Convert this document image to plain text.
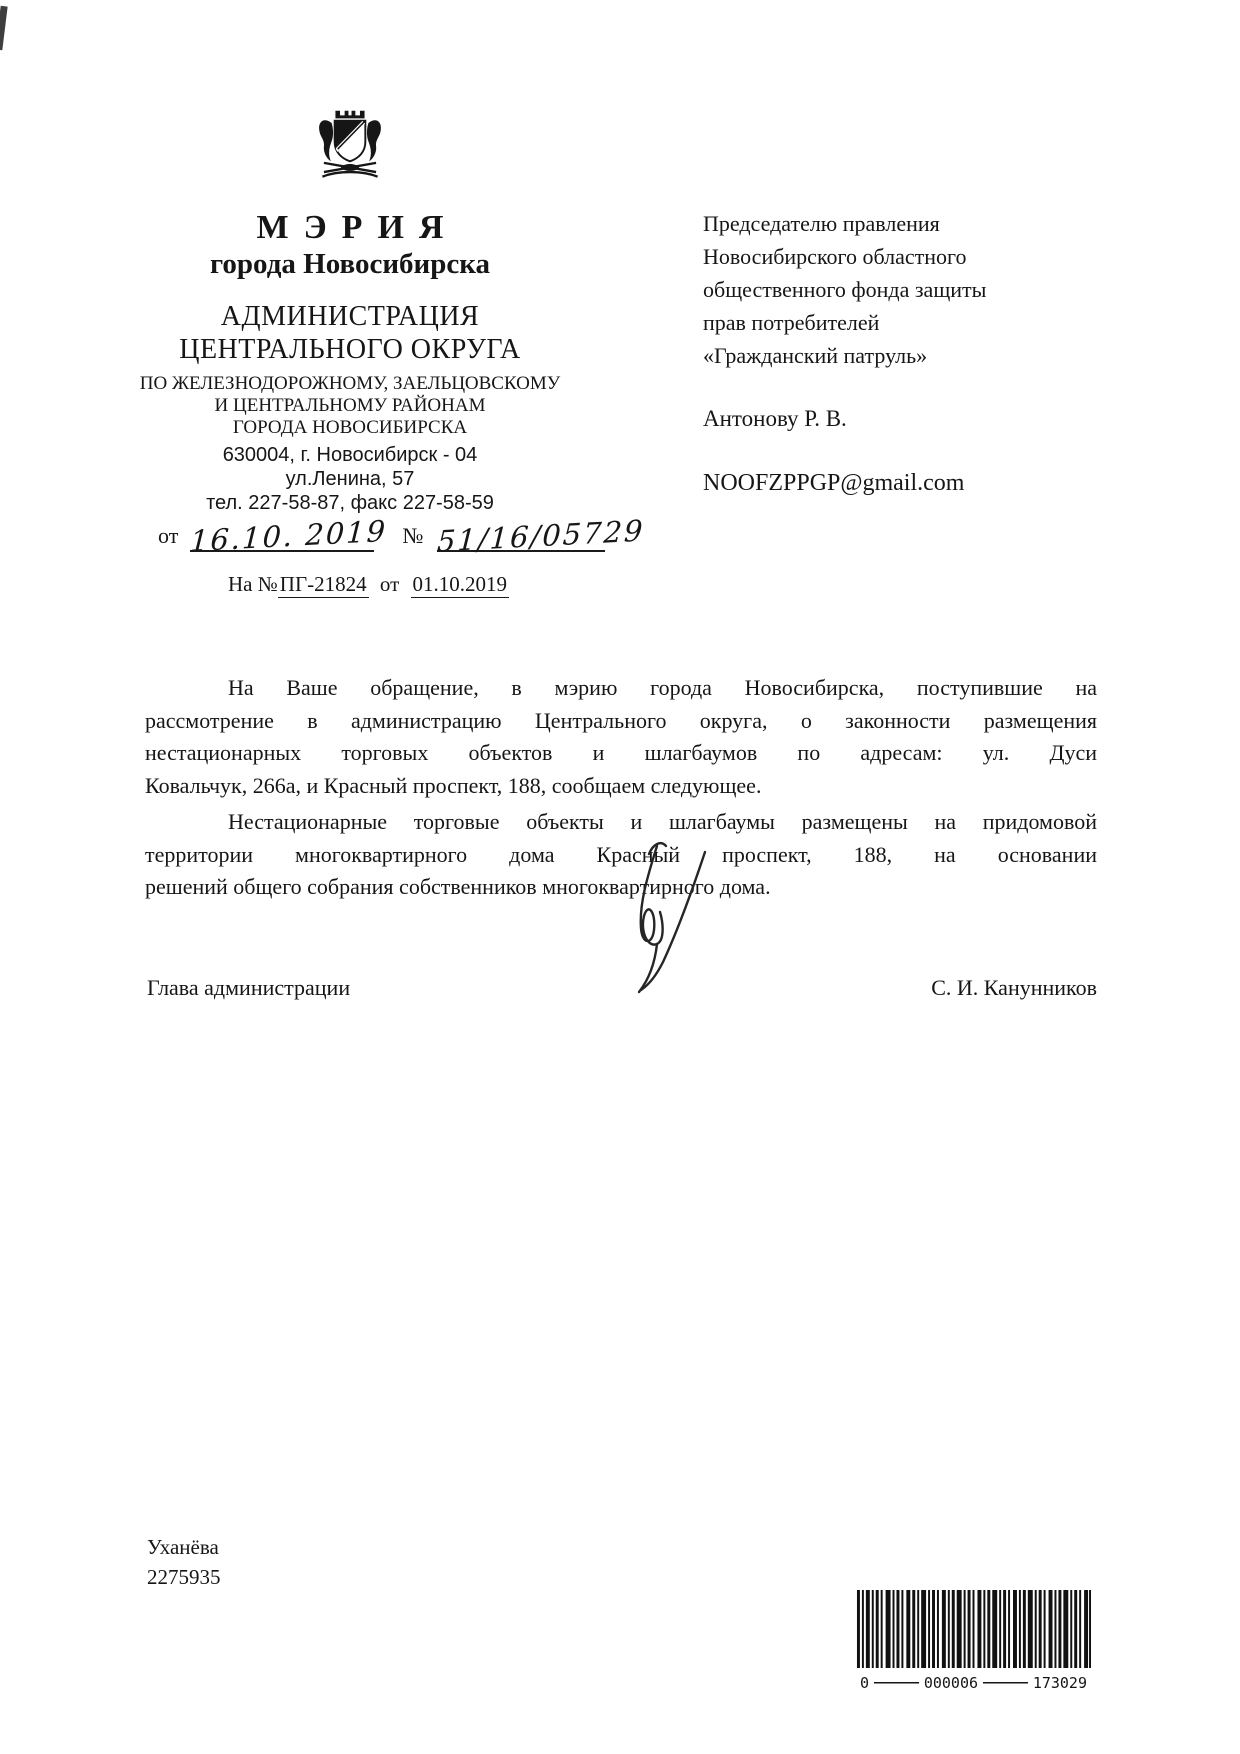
МЭРИЯ
города Новосибирска
АДМИНИСТРАЦИЯ
ЦЕНТРАЛЬНОГО ОКРУГА
ПО ЖЕЛЕЗНОДОРОЖНОМУ, ЗАЕЛЬЦОВСКОМУ
И ЦЕНТРАЛЬНОМУ РАЙОНАМ
ГОРОДА НОВОСИБИРСКА
630004, г. Новосибирск - 04
ул.Ленина, 57
тел. 227-58-87, факс 227-58-59
от 16.10. 2019 № 51/16/05729
На №ПГ-21824 от 01.10.2019
Председателю правления
Новосибирского областного
общественного фонда защиты
прав потребителей
«Гражданский патруль»
Антонову Р. В.
NOOFZPPGP@gmail.com
На Ваше обращение, в мэрию города Новосибирска, поступившие на
рассмотрение в администрацию Центрального округа, о законности размещения
нестационарных торговых объектов и шлагбаумов по адресам: ул. Дуси
Ковальчук, 266а, и Красный проспект, 188, сообщаем следующее.
Нестационарные торговые объекты и шлагбаумы размещены на придомовой
территории многоквартирного дома Красный проспект, 188, на основании
решений общего собрания собственников многоквартирного дома.
Глава администрации	С. И. Канунников
Уханёва
2275935
0	000006	173029
